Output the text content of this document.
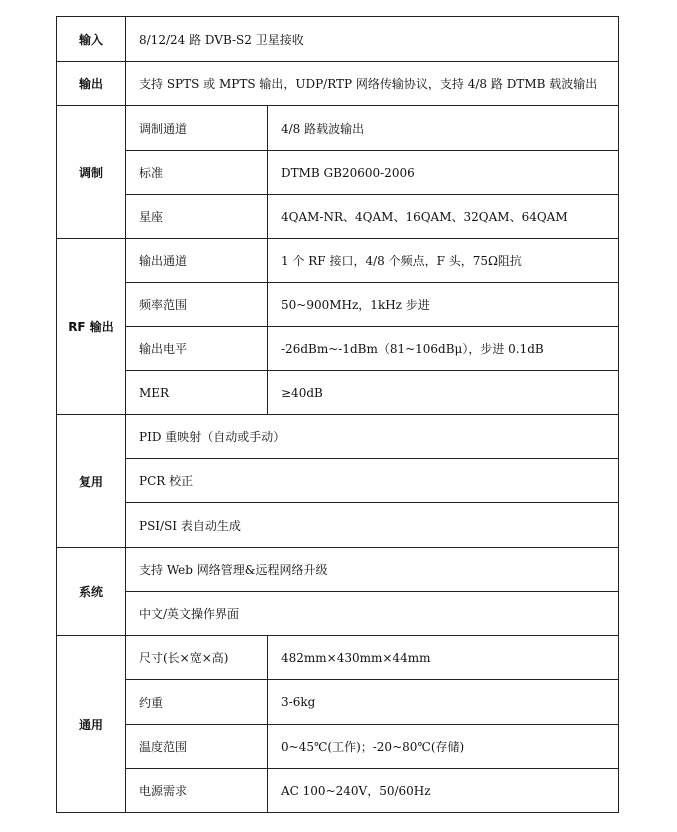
输入	8/12/24 路 DVB-S2 卫星接收	
输出	支持 SPTS 或 MPTS 输出，UDP/RTP 网络传输协议，支持 4/8 路 DTMB 载波输出	
调制	调制通道	4/8 路载波输出
	标准	DTMB GB20600-2006
	星座	4QAM-NR、4QAM、16QAM、32QAM、64QAM
RF 输出	输出通道	1 个 RF 接口，4/8 个频点，F 头，75Ω阻抗
	频率范围	50~900MHz，1kHz 步进
	输出电平	-26dBm~-1dBm（81~106dBμ），步进 0.1dB
	MER	≥40dB
复用	PID 重映射（自动或手动）	
	PCR 校正	
	PSI/SI 表自动生成	
系统	支持 Web 网络管理&远程网络升级	
	中文/英文操作界面	
通用	尺寸(长×宽×高)	482mm×430mm×44mm
	约重	3-6kg
	温度范围	0~45℃(工作)；-20~80℃(存储)
	电源需求	AC 100~240V，50/60Hz
